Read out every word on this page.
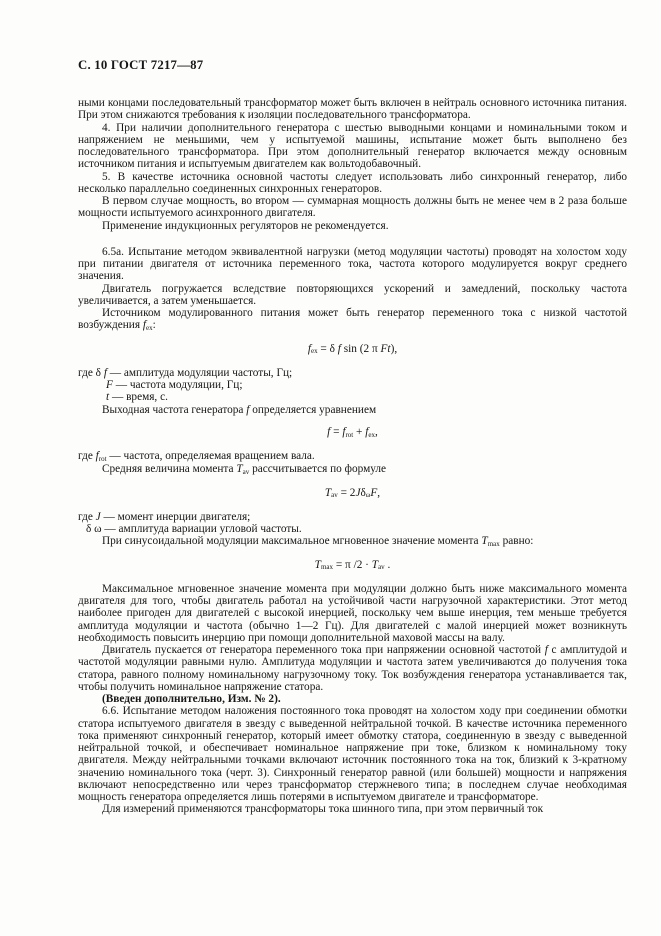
С. 10 ГОСТ 7217—87
ными концами последовательный трансформатор может быть включен в нейтраль основного источника питания. При этом снижаются требования к изоляции последовательного трансформатора.
4. При наличии дополнительного генератора с шестью выводными концами и номинальными током и напряжением не меньшими, чем у испытуемой машины, испытание может быть выполнено без последовательного трансформатора. При этом дополнительный генератор включается между основным источником питания и испытуемым двигателем как вольтодобавочный.
5. В качестве источника основной частоты следует использовать либо синхронный генератор, либо несколько параллельно соединенных синхронных генераторов.
В первом случае мощность, во втором — суммарная мощность должны быть не менее чем в 2 раза больше мощности испытуемого асинхронного двигателя.
Применение индукционных регуляторов не рекомендуется.
6.5а. Испытание методом эквивалентной нагрузки (метод модуляции частоты) проводят на холостом ходу при питании двигателя от источника переменного тока, частота которого модулируется вокруг среднего значения.
Двигатель погружается вследствие повторяющихся ускорений и замедлений, поскольку частота увеличивается, а затем уменьшается.
Источником модулированного питания может быть генератор переменного тока с низкой частотой возбуждения $f_{ex}$:
$f_{ex} = \delta$ f sin (2 π Ft),
где δ f — амплитуда модуляции частоты, Гц;
F — частота модуляции, Гц;
t — время, с.
Выходная частота генератора f определяется уравнением
$f = f_{rot} + f_{ex}$,
где $f_{rot}$ — частота, определяемая вращением вала.
Средняя величина момента $T_{av}$ рассчитывается по формуле
$T_{av} = 2J\delta_\omega F$,
где J — момент инерции двигателя;
δ ω — амплитуда вариации угловой частоты.
При синусоидальной модуляции максимальное мгновенное значение момента $T_{max}$ равно:
$T_{max} = \pi$ $/2 \cdot T_{av}$ .
Максимальное мгновенное значение момента при модуляции должно быть ниже максимального момента двигателя для того, чтобы двигатель работал на устойчивой части нагрузочной характеристики. Этот метод наиболее пригоден для двигателей с высокой инерцией, поскольку чем выше инерция, тем меньше требуется амплитуда модуляции и частота (обычно 1—2 Гц). Для двигателей с малой инерцией может возникнуть необходимость повысить инерцию при помощи дополнительной маховой массы на валу.
Двигатель пускается от генератора переменного тока при напряжении основной частотой f с амплитудой и частотой модуляции равными нулю. Амплитуда модуляции и частота затем увеличиваются до получения тока статора, равного полному номинальному нагрузочному току. Ток возбуждения генератора устанавливается так, чтобы получить номинальное напряжение статора.
(Введен дополнительно, Изм. № 2).
6.6. Испытание методом наложения постоянного тока проводят на холостом ходу при соединении обмотки статора испытуемого двигателя в звезду с выведенной нейтральной точкой. В качестве источника переменного тока применяют синхронный генератор, который имеет обмотку статора, соединенную в звезду с выведенной нейтральной точкой, и обеспечивает номинальное напряжение при токе, близком к номинальному току двигателя. Между нейтральными точками включают источник постоянного тока на ток, близкий к 3-кратному значению номинального тока (черт. 3). Синхронный генератор равной (или большей) мощности и напряжения включают непосредственно или через трансформатор стержневого типа; в последнем случае необходимая мощность генератора определяется лишь потерями в испытуемом двигателе и трансформаторе.
Для измерений применяются трансформаторы тока шинного типа, при этом первичный ток
